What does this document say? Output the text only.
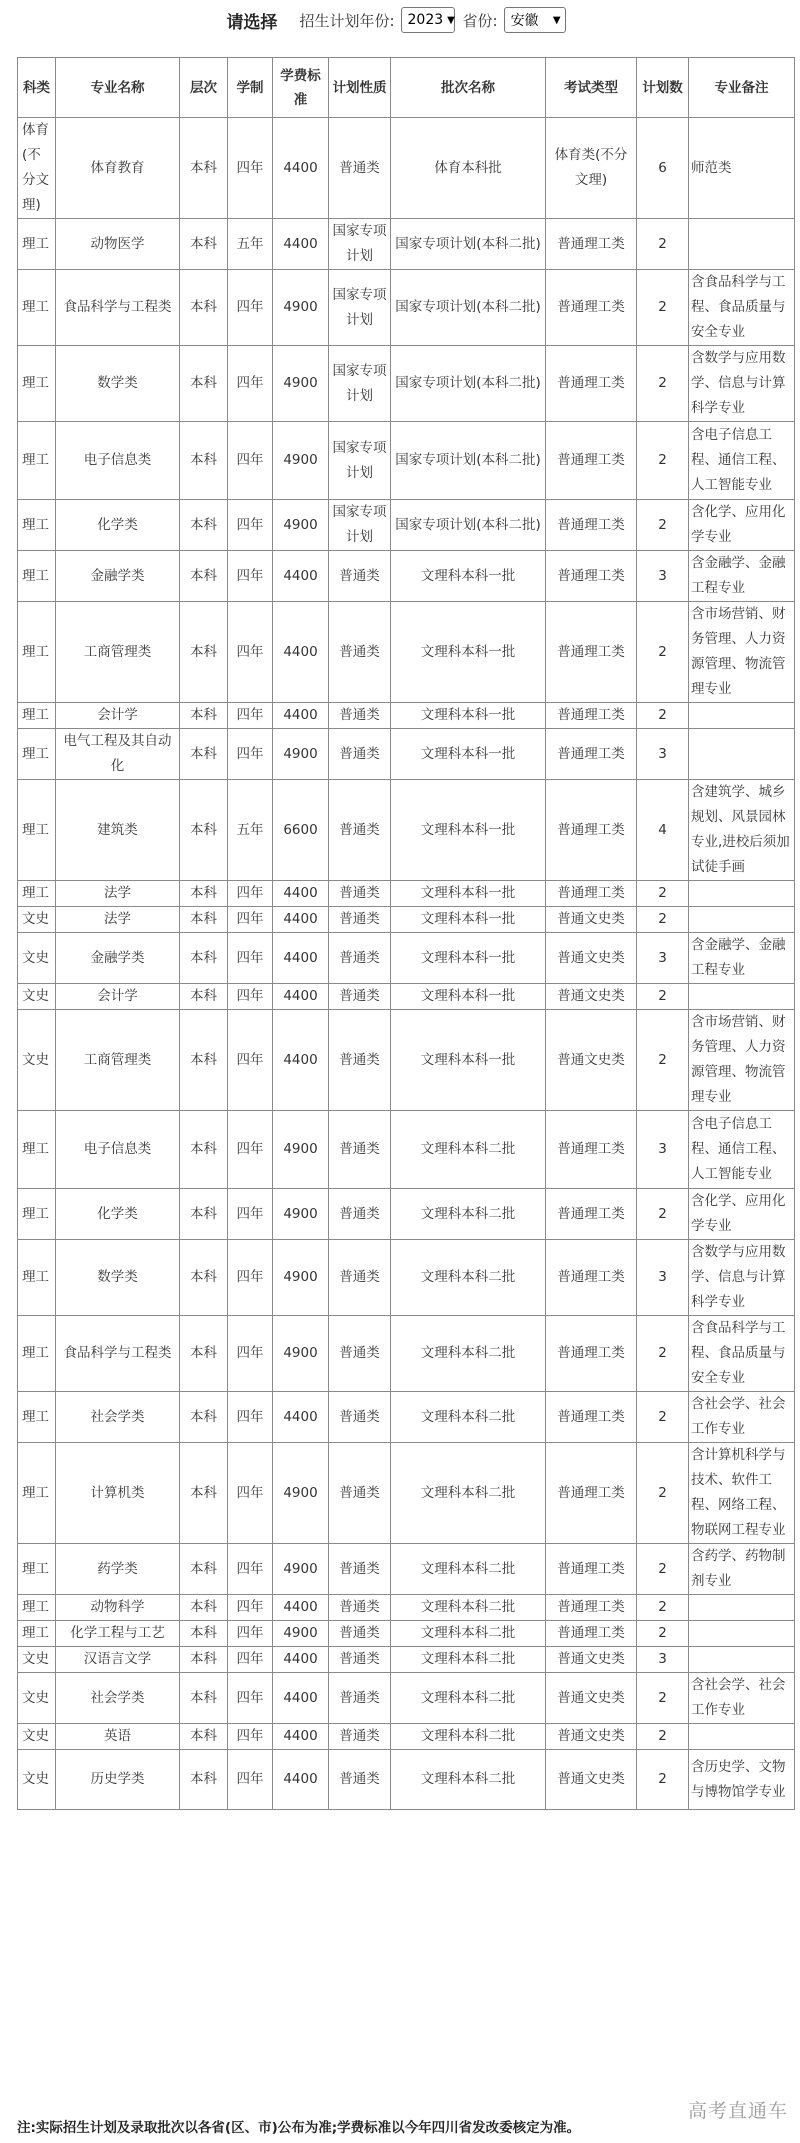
请选择 招生计划年份: 2023 ▼ 省份: 安徽 ▼
科类	专业名称	层次	学制	学费标准	计划性质	批次名称	考试类型	计划数	专业备注
体育(不分文理)	体育教育	本科	四年	4400	普通类	体育本科批	体育类(不分文理)	6	师范类
理工	动物医学	本科	五年	4400	国家专项计划	国家专项计划(本科二批)	普通理工类	2	
理工	食品科学与工程类	本科	四年	4900	国家专项计划	国家专项计划(本科二批)	普通理工类	2	含食品科学与工程、食品质量与安全专业
理工	数学类	本科	四年	4900	国家专项计划	国家专项计划(本科二批)	普通理工类	2	含数学与应用数学、信息与计算科学专业
理工	电子信息类	本科	四年	4900	国家专项计划	国家专项计划(本科二批)	普通理工类	2	含电子信息工程、通信工程、人工智能专业
理工	化学类	本科	四年	4900	国家专项计划	国家专项计划(本科二批)	普通理工类	2	含化学、应用化学专业
理工	金融学类	本科	四年	4400	普通类	文理科本科一批	普通理工类	3	含金融学、金融工程专业
理工	工商管理类	本科	四年	4400	普通类	文理科本科一批	普通理工类	2	含市场营销、财务管理、人力资源管理、物流管理专业
理工	会计学	本科	四年	4400	普通类	文理科本科一批	普通理工类	2	
理工	电气工程及其自动化	本科	四年	4900	普通类	文理科本科一批	普通理工类	3	
理工	建筑类	本科	五年	6600	普通类	文理科本科一批	普通理工类	4	含建筑学、城乡规划、风景园林专业,进校后须加试徒手画
理工	法学	本科	四年	4400	普通类	文理科本科一批	普通理工类	2	
文史	法学	本科	四年	4400	普通类	文理科本科一批	普通文史类	2	
文史	金融学类	本科	四年	4400	普通类	文理科本科一批	普通文史类	3	含金融学、金融工程专业
文史	会计学	本科	四年	4400	普通类	文理科本科一批	普通文史类	2	
文史	工商管理类	本科	四年	4400	普通类	文理科本科一批	普通文史类	2	含市场营销、财务管理、人力资源管理、物流管理专业
理工	电子信息类	本科	四年	4900	普通类	文理科本科二批	普通理工类	3	含电子信息工程、通信工程、人工智能专业
理工	化学类	本科	四年	4900	普通类	文理科本科二批	普通理工类	2	含化学、应用化学专业
理工	数学类	本科	四年	4900	普通类	文理科本科二批	普通理工类	3	含数学与应用数学、信息与计算科学专业
理工	食品科学与工程类	本科	四年	4900	普通类	文理科本科二批	普通理工类	2	含食品科学与工程、食品质量与安全专业
理工	社会学类	本科	四年	4400	普通类	文理科本科二批	普通理工类	2	含社会学、社会工作专业
理工	计算机类	本科	四年	4900	普通类	文理科本科二批	普通理工类	2	含计算机科学与技术、软件工程、网络工程、物联网工程专业
理工	药学类	本科	四年	4900	普通类	文理科本科二批	普通理工类	2	含药学、药物制剂专业
理工	动物科学	本科	四年	4400	普通类	文理科本科二批	普通理工类	2	
理工	化学工程与工艺	本科	四年	4900	普通类	文理科本科二批	普通理工类	2	
文史	汉语言文学	本科	四年	4400	普通类	文理科本科二批	普通文史类	3	
文史	社会学类	本科	四年	4400	普通类	文理科本科二批	普通文史类	2	含社会学、社会工作专业
文史	英语	本科	四年	4400	普通类	文理科本科二批	普通文史类	2	
文史	历史学类	本科	四年	4400	普通类	文理科本科二批	普通文史类	2	含历史学、文物与博物馆学专业
注:实际招生计划及录取批次以各省(区、市)公布为准;学费标准以今年四川省发改委核定为准。
高考直通车
